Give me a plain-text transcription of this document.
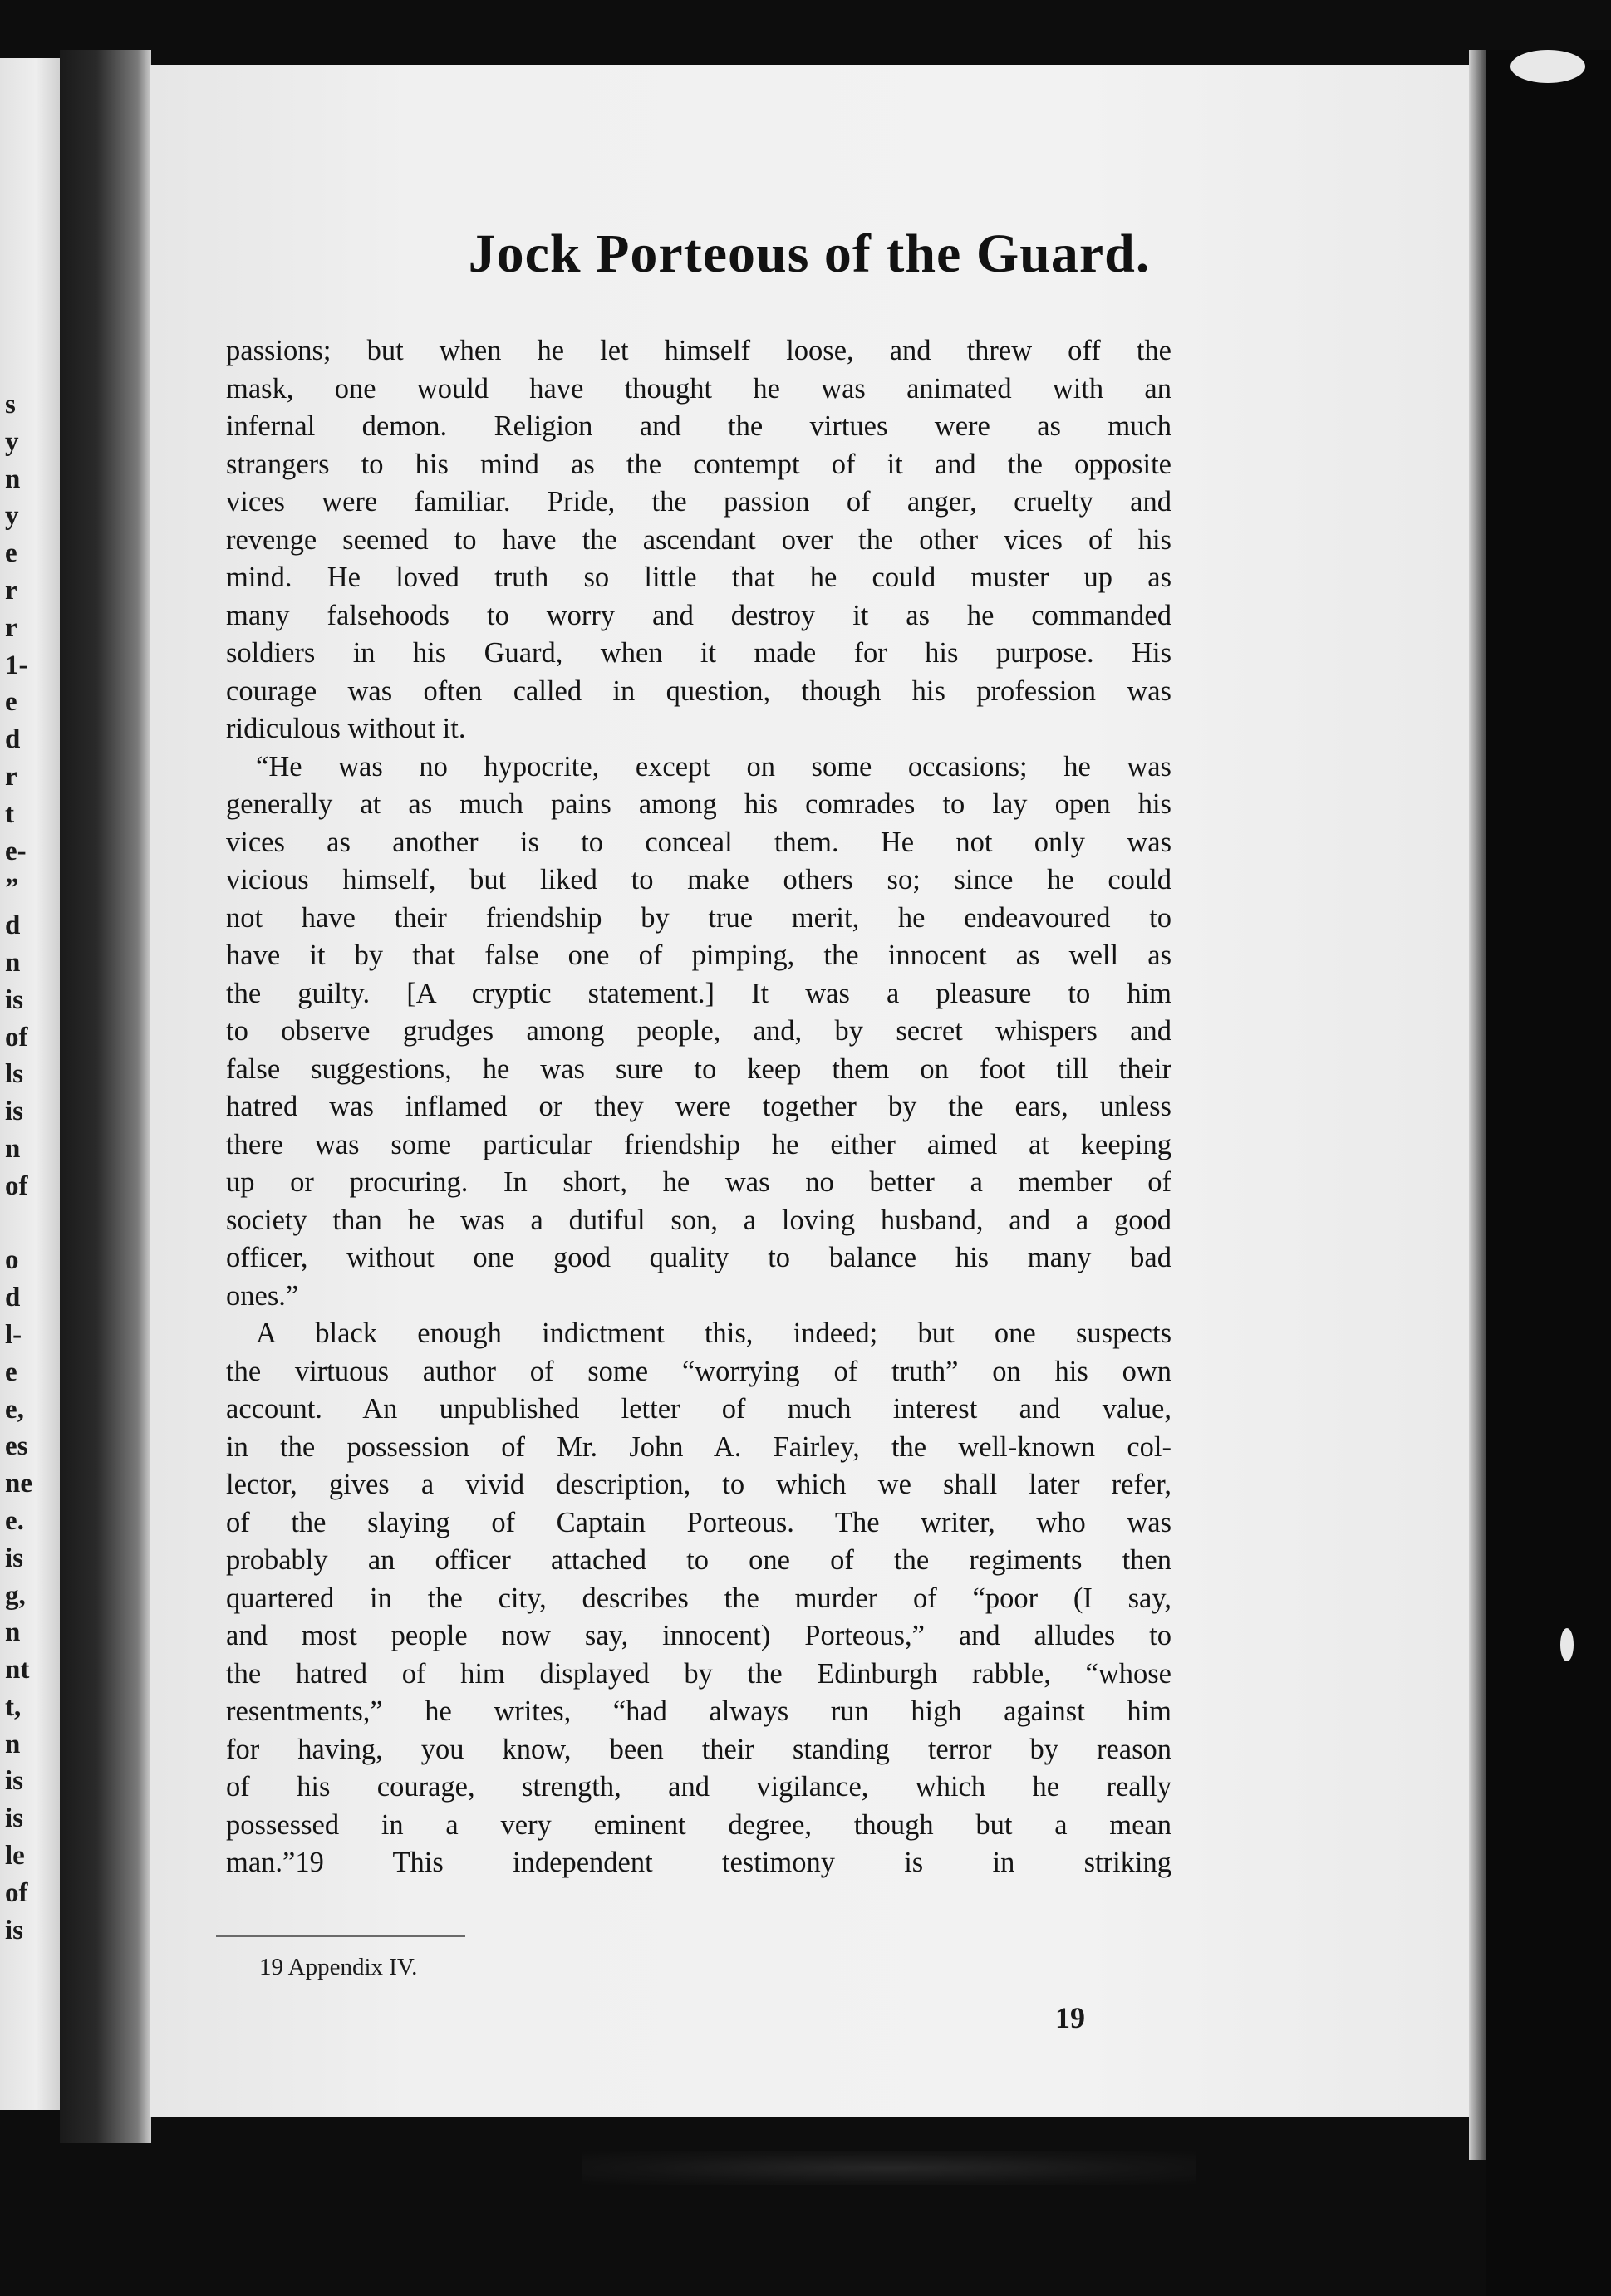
s
y
n
y
e
r
r
1-
e
d
r
t
e-
”
d
n
is
of
ls
is
n
of

o
d
l-
e
e,
es
ne
e.
is
g,
n
nt
t,
n
is
is
le
of
is
Jock Porteous of the Guard.
passions; but when he let himself loose, and threw off the
mask, one would have thought he was animated with an
infernal demon. Religion and the virtues were as much
strangers to his mind as the contempt of it and the opposite
vices were familiar. Pride, the passion of anger, cruelty and
revenge seemed to have the ascendant over the other vices of his
mind. He loved truth so little that he could muster up as
many falsehoods to worry and destroy it as he commanded
soldiers in his Guard, when it made for his purpose. His
courage was often called in question, though his profession was
ridiculous without it.
“He was no hypocrite, except on some occasions; he was
generally at as much pains among his comrades to lay open his
vices as another is to conceal them. He not only was
vicious himself, but liked to make others so; since he could
not have their friendship by true merit, he endeavoured to
have it by that false one of pimping, the innocent as well as
the guilty. [A cryptic statement.] It was a pleasure to him
to observe grudges among people, and, by secret whispers and
false suggestions, he was sure to keep them on foot till their
hatred was inflamed or they were together by the ears, unless
there was some particular friendship he either aimed at keeping
up or procuring. In short, he was no better a member of
society than he was a dutiful son, a loving husband, and a good
officer, without one good quality to balance his many bad
ones.”
A black enough indictment this, indeed; but one suspects
the virtuous author of some “worrying of truth” on his own
account. An unpublished letter of much interest and value,
in the possession of Mr. John A. Fairley, the well-known col-
lector, gives a vivid description, to which we shall later refer,
of the slaying of Captain Porteous. The writer, who was
probably an officer attached to one of the regiments then
quartered in the city, describes the murder of “poor (I say,
and most people now say, innocent) Porteous,” and alludes to
the hatred of him displayed by the Edinburgh rabble, “whose
resentments,” he writes, “had always run high against him
for having, you know, been their standing terror by reason
of his courage, strength, and vigilance, which he really
possessed in a very eminent degree, though but a mean
man.”19 This independent testimony is in striking
19 Appendix IV.
19
